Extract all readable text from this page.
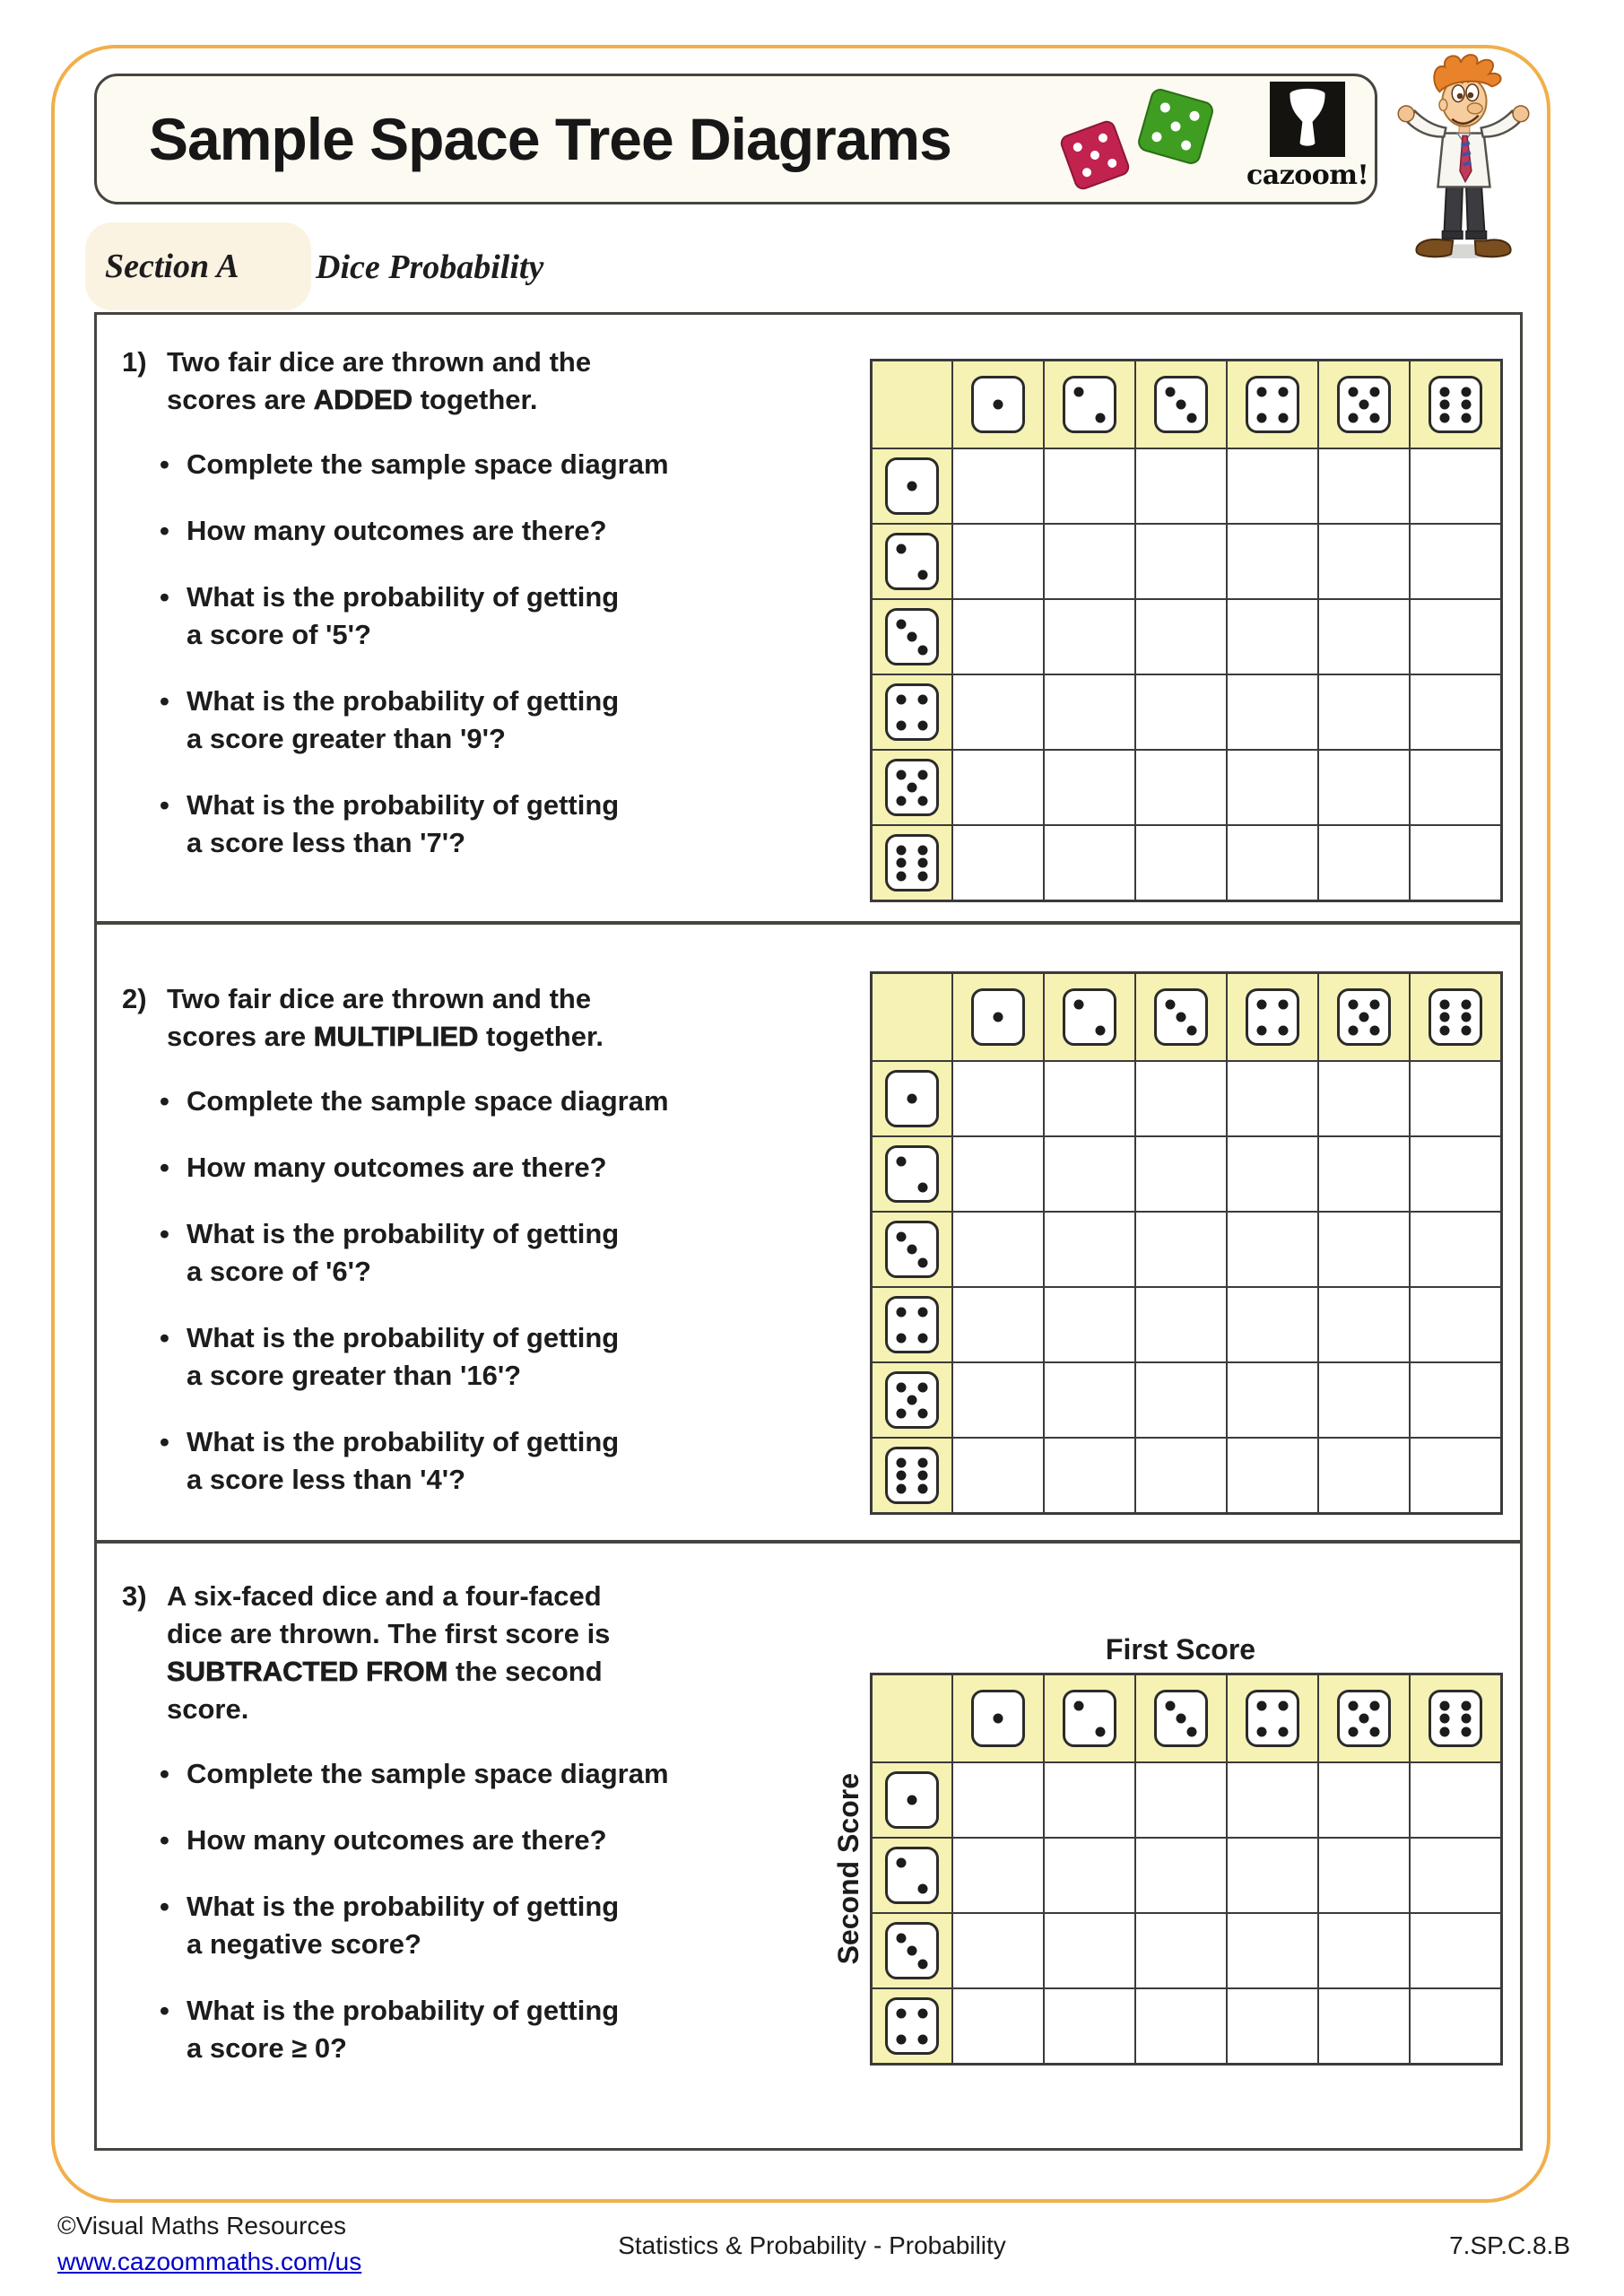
Sample Space Tree Diagrams
cazoom!
Section A Dice Probability
1) Two fair dice are thrown and the
scores are ADDED together.

• Complete the sample space diagram
• How many outcomes are there?
• What is the probability of getting
a score of '5'?
• What is the probability of getting
a score greater than '9'?
• What is the probability of getting
a score less than '7'?

2) Two fair dice are thrown and the
scores are MULTIPLIED together.

• Complete the sample space diagram
• How many outcomes are there?
• What is the probability of getting
a score of '6'?
• What is the probability of getting
a score greater than '16'?
• What is the probability of getting
a score less than '4'?

3) A six-faced dice and a four-faced
dice are thrown. The first score is
SUBTRACTED FROM the second
score.

• Complete the sample space diagram
• How many outcomes are there?
• What is the probability of getting
a negative score?
• What is the probability of getting
a score ≥ 0?
First Score
Second Score

©Visual Maths Resources
www.cazoommaths.com/us
Statistics & Probability - Probability	7.SP.C.8.B
